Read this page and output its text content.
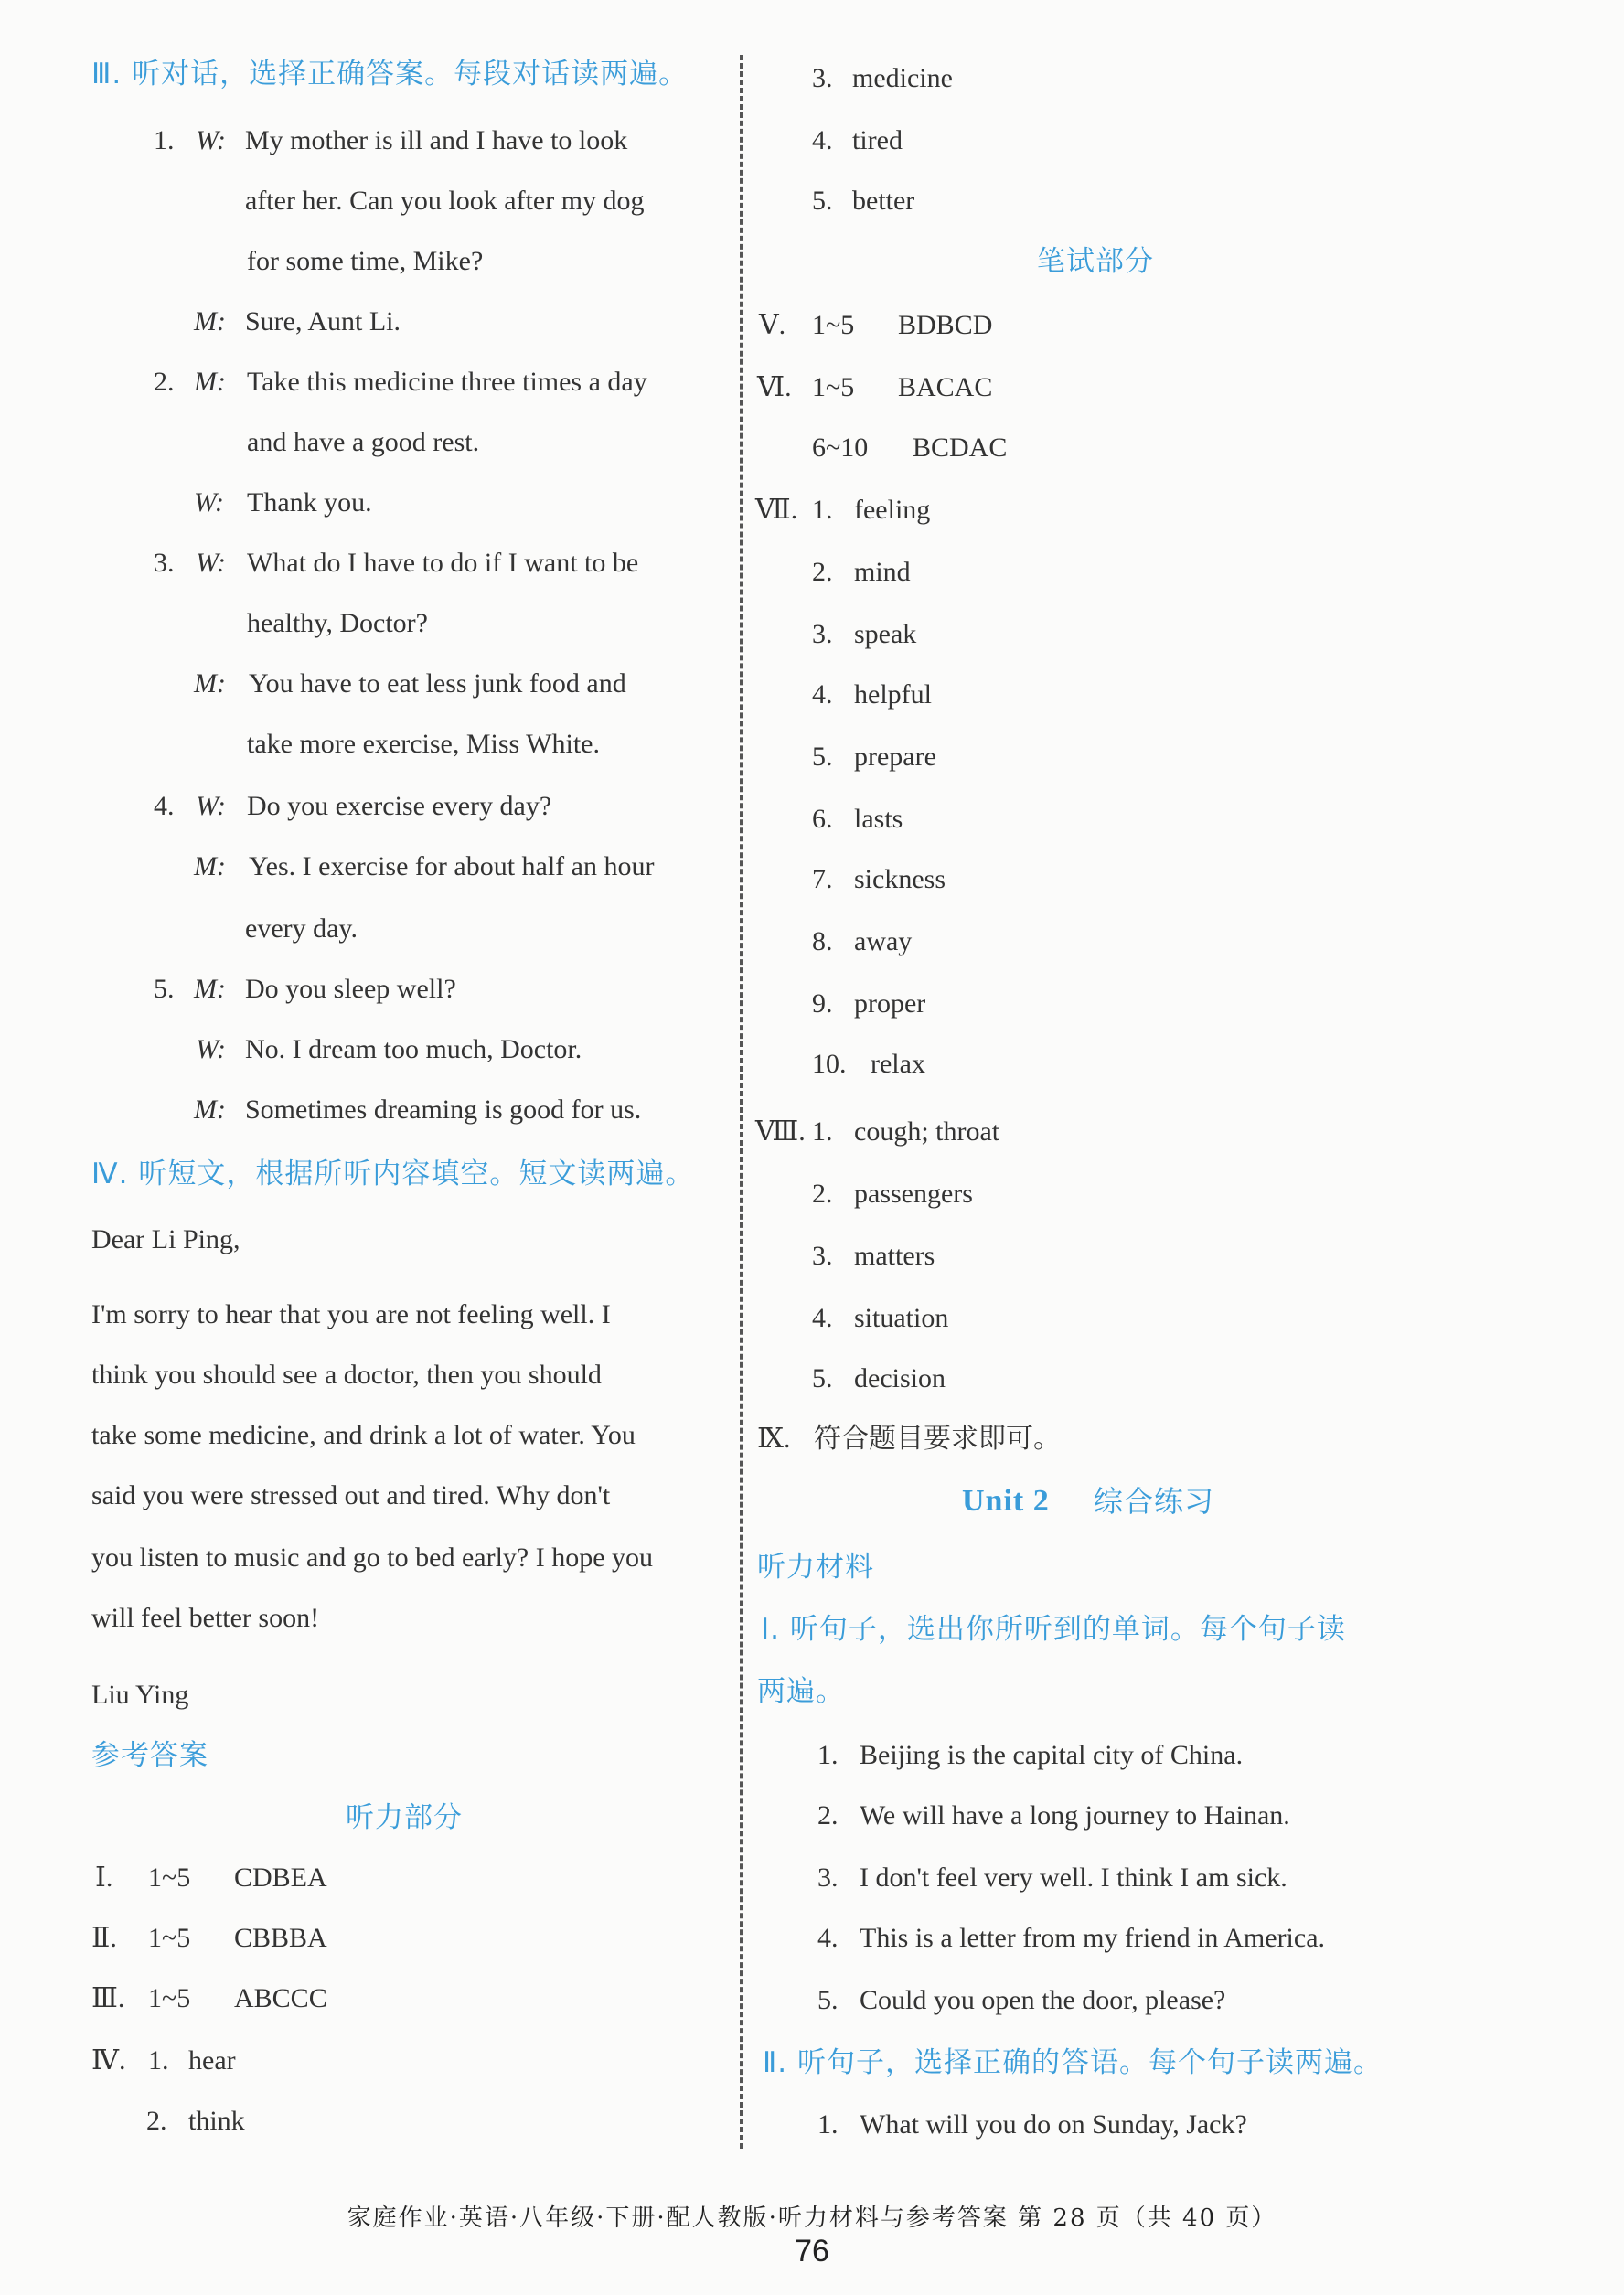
Ⅲ. 听对话，选择正确答案。每段对话读两遍。
1. W: My mother is ill and I have to look
after her. Can you look after my dog
for some time, Mike?
M: Sure, Aunt Li.
2. M: Take this medicine three times a day
and have a good rest.
W: Thank you.
3. W: What do I have to do if I want to be
healthy, Doctor?
M: You have to eat less junk food and
take more exercise, Miss White.
4. W: Do you exercise every day?
M: Yes. I exercise for about half an hour
every day.
5. M: Do you sleep well?
W: No. I dream too much, Doctor.
M: Sometimes dreaming is good for us.
Ⅳ. 听短文，根据所听内容填空。短文读两遍。
Dear Li Ping,
I'm sorry to hear that you are not feeling well. I
think you should see a doctor, then you should
take some medicine, and drink a lot of water. You
said you were stressed out and tired. Why don't
you listen to music and go to bed early? I hope you
will feel better soon!
Liu Ying
参考答案
听力部分
Ⅰ. 1~5 CDBEA
Ⅱ. 1~5 CBBBA
Ⅲ. 1~5 ABCCC
Ⅳ. 1. hear
2. think
3. medicine
4. tired
5. better
笔试部分
Ⅴ. 1~5 BDBCD
Ⅵ. 1~5 BACAC
6~10 BCDAC
Ⅶ. 1. feeling
2. mind
3. speak
4. helpful
5. prepare
6. lasts
7. sickness
8. away
9. proper
10. relax
Ⅷ. 1. cough; throat
2. passengers
3. matters
4. situation
5. decision
Ⅸ. 符合题目要求即可。
Unit 2 综合练习
听力材料
Ⅰ. 听句子，选出你所听到的单词。每个句子读
两遍。
1. Beijing is the capital city of China.
2. We will have a long journey to Hainan.
3. I don't feel very well. I think I am sick.
4. This is a letter from my friend in America.
5. Could you open the door, please?
Ⅱ. 听句子，选择正确的答语。每个句子读两遍。
1. What will you do on Sunday, Jack?
家庭作业·英语·八年级·下册·配人教版·听力材料与参考答案 第 28 页（共 40 页）
76
